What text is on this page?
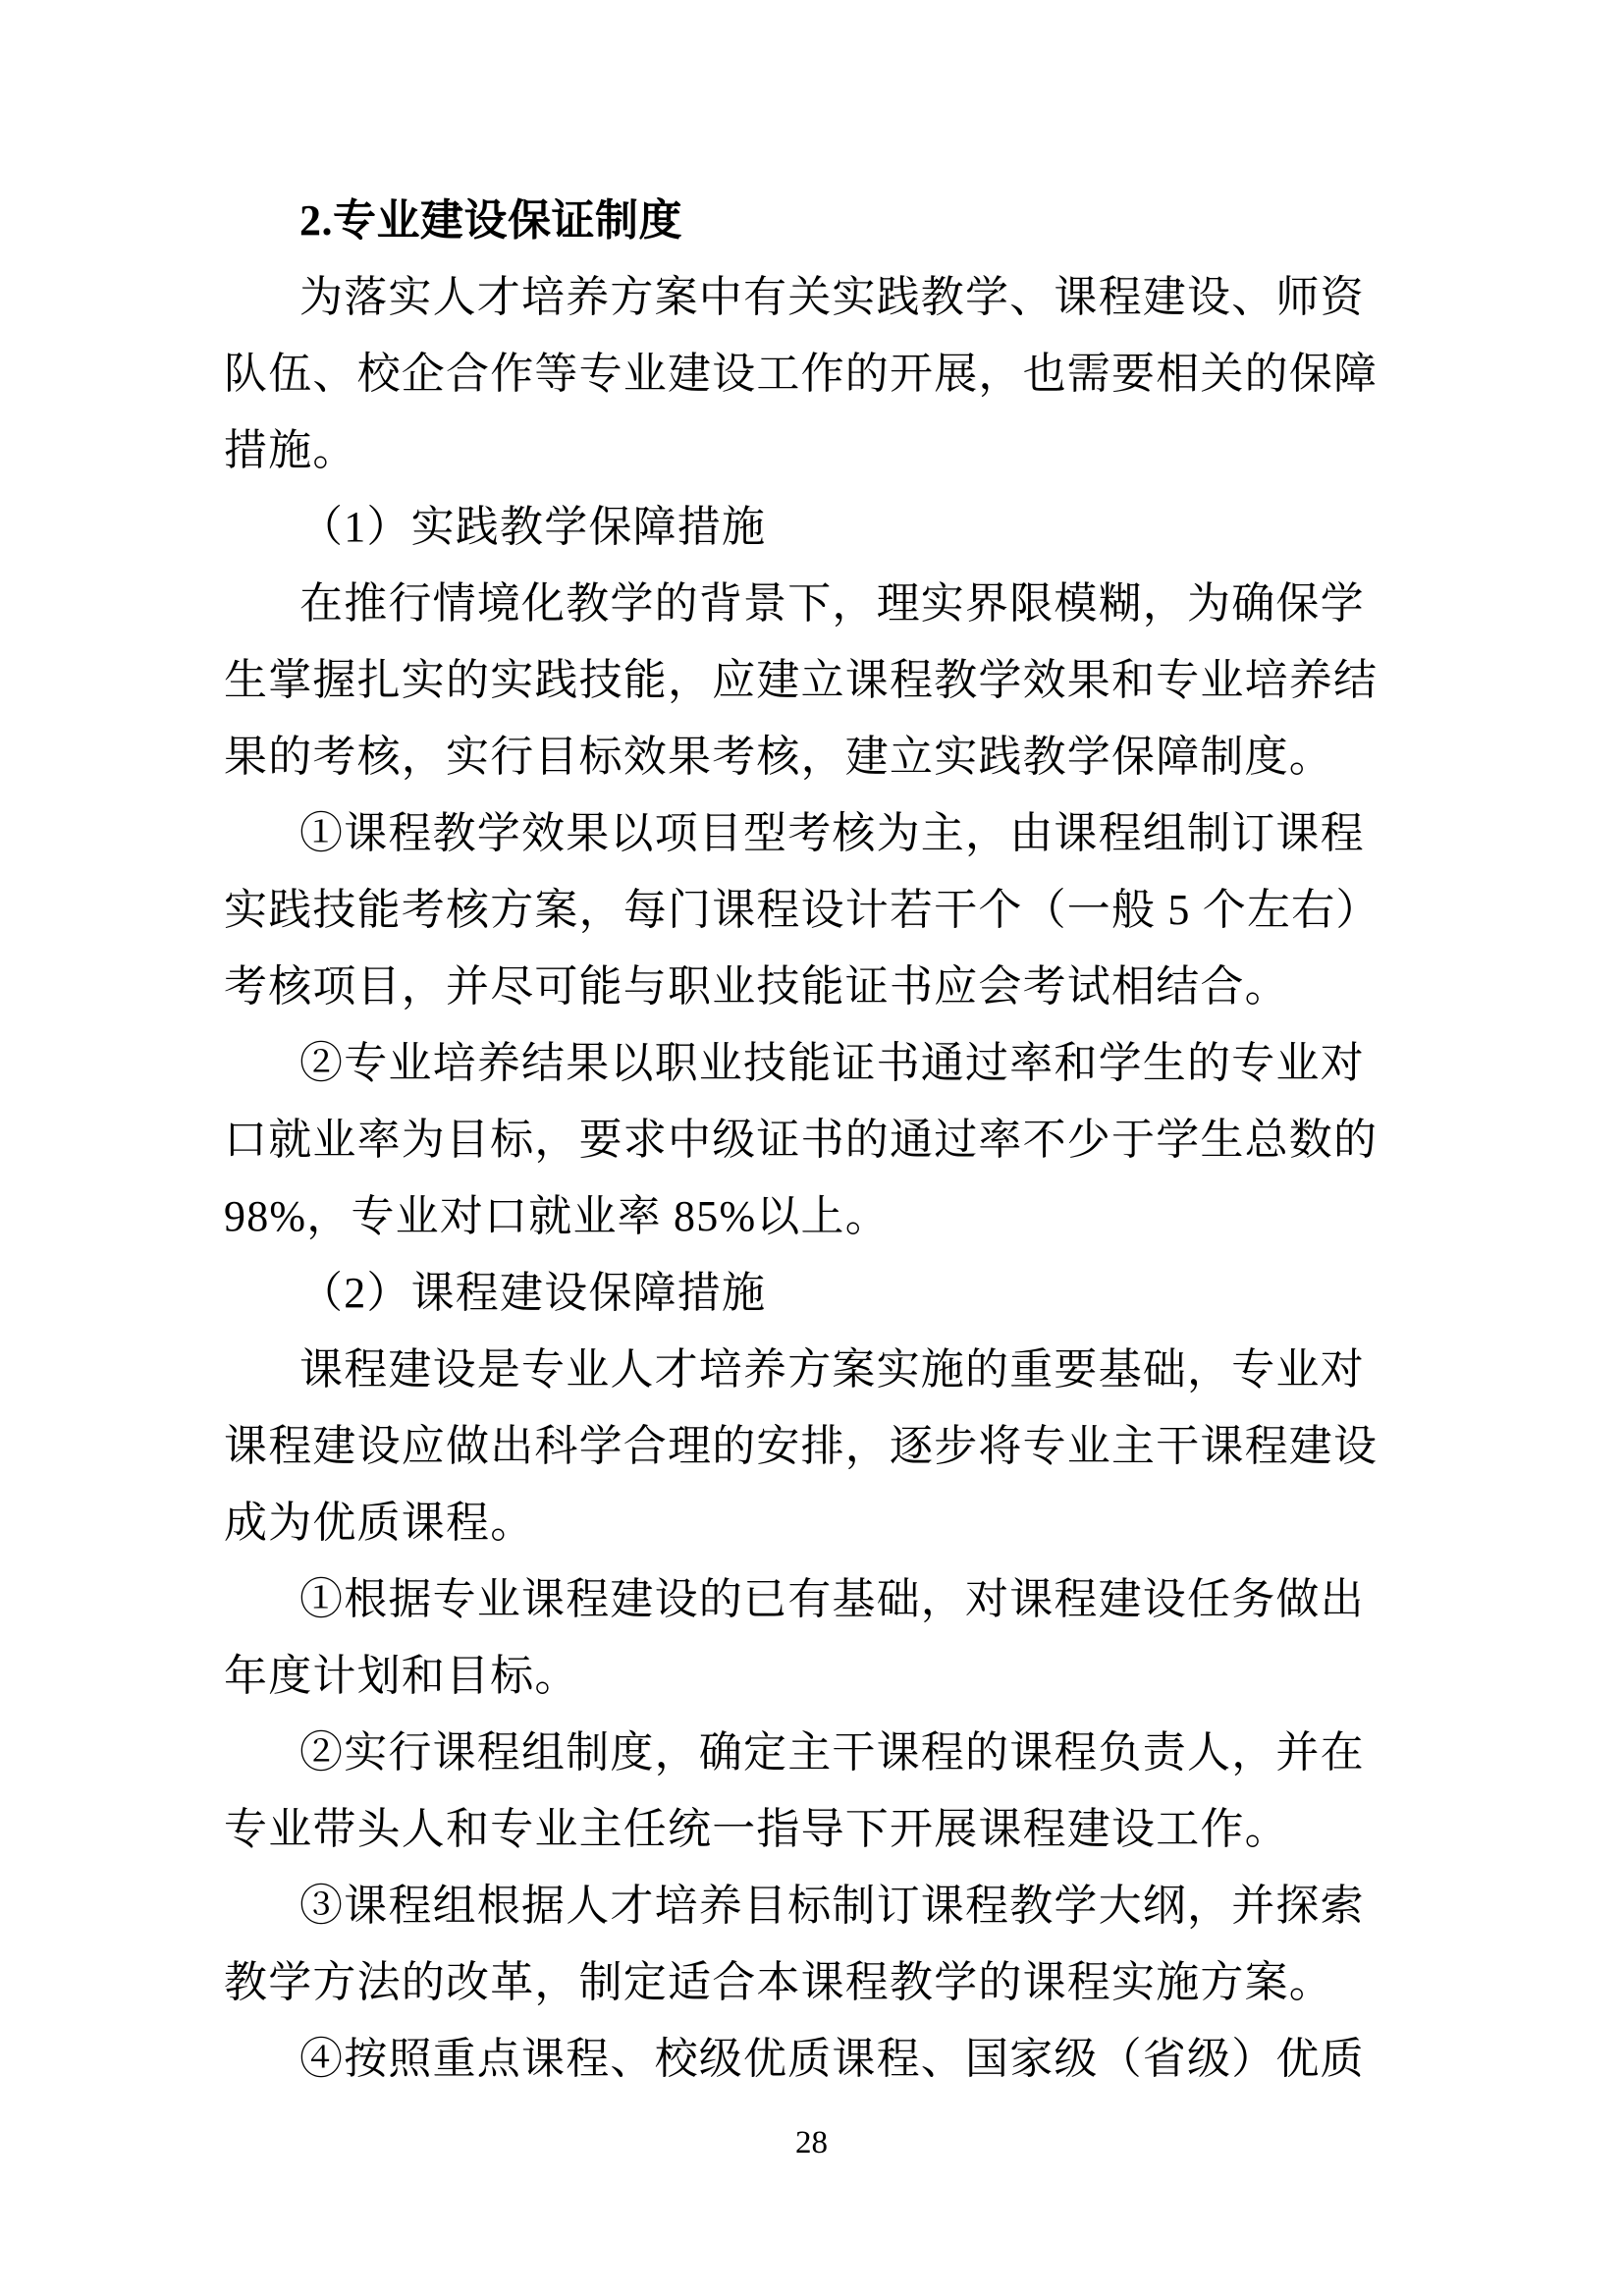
2.专业建设保证制度
为落实人才培养方案中有关实践教学、课程建设、师资
队伍、校企合作等专业建设工作的开展，也需要相关的保障
措施。
（1）实践教学保障措施
在推行情境化教学的背景下，理实界限模糊，为确保学
生掌握扎实的实践技能，应建立课程教学效果和专业培养结
果的考核，实行目标效果考核，建立实践教学保障制度。
①课程教学效果以项目型考核为主，由课程组制订课程
实践技能考核方案，每门课程设计若干个（一般 5 个左右）
考核项目，并尽可能与职业技能证书应会考试相结合。
②专业培养结果以职业技能证书通过率和学生的专业对
口就业率为目标，要求中级证书的通过率不少于学生总数的
98%，专业对口就业率 85%以上。
（2）课程建设保障措施
课程建设是专业人才培养方案实施的重要基础，专业对
课程建设应做出科学合理的安排，逐步将专业主干课程建设
成为优质课程。
①根据专业课程建设的已有基础，对课程建设任务做出
年度计划和目标。
②实行课程组制度，确定主干课程的课程负责人，并在
专业带头人和专业主任统一指导下开展课程建设工作。
③课程组根据人才培养目标制订课程教学大纲，并探索
教学方法的改革，制定适合本课程教学的课程实施方案。
④按照重点课程、校级优质课程、国家级（省级）优质
28
